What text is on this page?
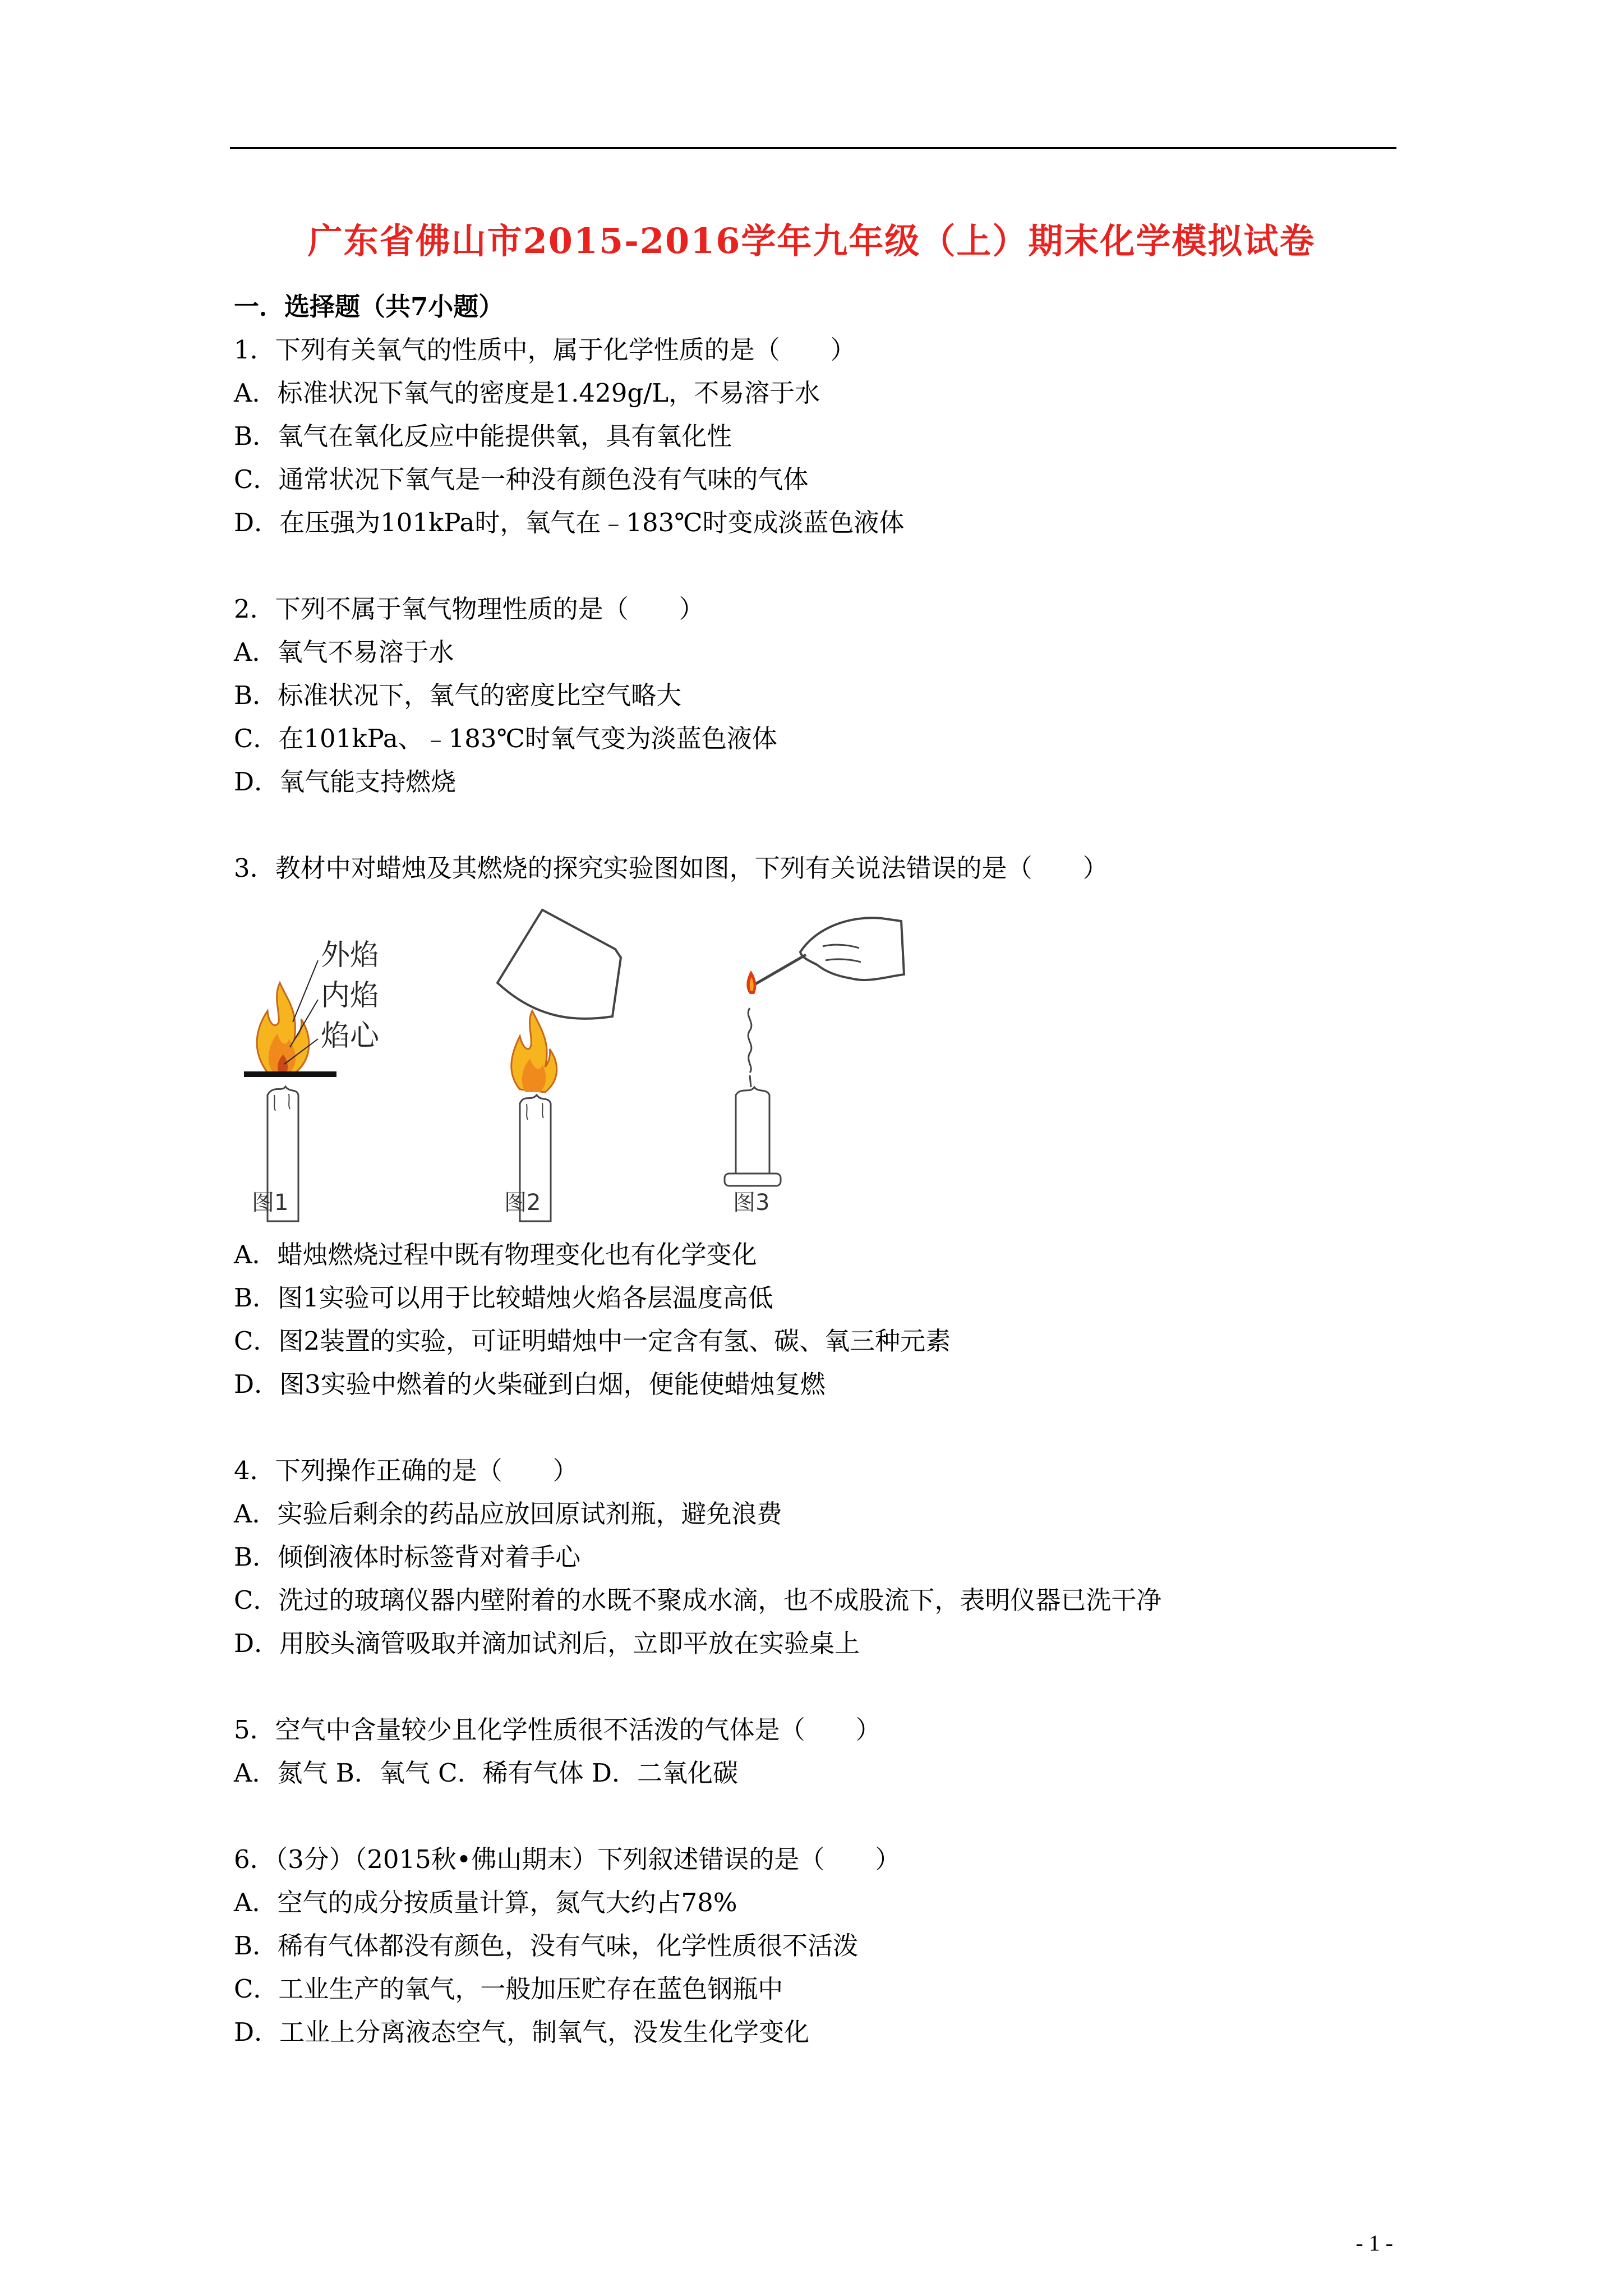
广东省佛山市2015-2016学年九年级（上）期末化学模拟试卷
一．选择题（共7小题）
1．下列有关氧气的性质中，属于化学性质的是（　　）
A．标准状况下氧气的密度是1.429g/L，不易溶于水
B．氧气在氧化反应中能提供氧，具有氧化性
C．通常状况下氧气是一种没有颜色没有气味的气体
D．在压强为101kPa时，氧气在﹣183℃时变成淡蓝色液体
2．下列不属于氧气物理性质的是（　　）
A．氧气不易溶于水
B．标准状况下，氧气的密度比空气略大
C．在101kPa、﹣183℃时氧气变为淡蓝色液体
D．氧气能支持燃烧
3．教材中对蜡烛及其燃烧的探究实验图如图，下列有关说法错误的是（　　）
外焰
内焰
焰心
图1	图2	图3
A．蜡烛燃烧过程中既有物理变化也有化学变化
B．图1实验可以用于比较蜡烛火焰各层温度高低
C．图2装置的实验，可证明蜡烛中一定含有氢、碳、氧三种元素
D．图3实验中燃着的火柴碰到白烟，便能使蜡烛复燃
4．下列操作正确的是（　　）
A．实验后剩余的药品应放回原试剂瓶，避免浪费
B．倾倒液体时标签背对着手心
C．洗过的玻璃仪器内壁附着的水既不聚成水滴，也不成股流下，表明仪器已洗干净
D．用胶头滴管吸取并滴加试剂后，立即平放在实验桌上
5．空气中含量较少且化学性质很不活泼的气体是（　　）
A．氮气 B．氧气 C．稀有气体 D．二氧化碳
6．（3分）（2015秋•佛山期末）下列叙述错误的是（　　）
A．空气的成分按质量计算，氮气大约占78%
B．稀有气体都没有颜色，没有气味，化学性质很不活泼
C．工业生产的氧气，一般加压贮存在蓝色钢瓶中
D．工业上分离液态空气，制氧气，没发生化学变化
- 1 -
